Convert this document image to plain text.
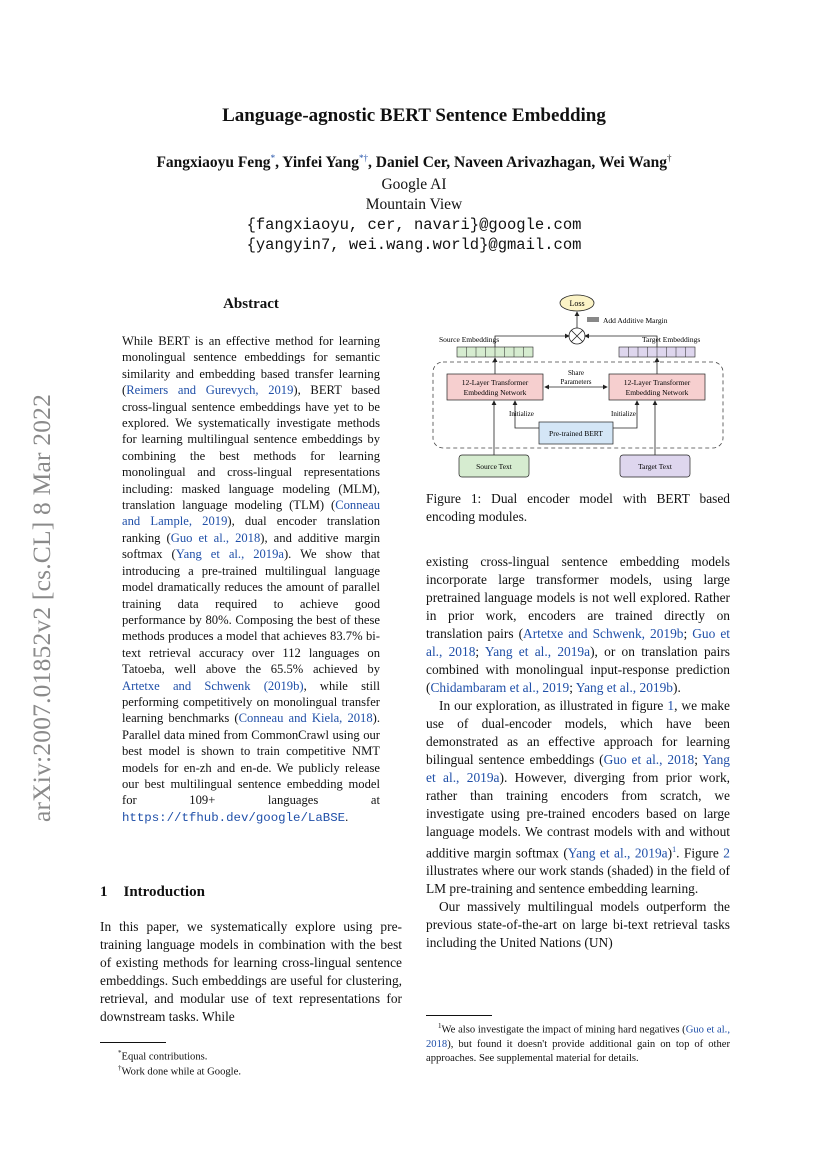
arXiv:2007.01852v2 [cs.CL] 8 Mar 2022
Language-agnostic BERT Sentence Embedding
Fangxiaoyu Feng*, Yinfei Yang*†, Daniel Cer, Naveen Arivazhagan, Wei Wang†
Google AI
Mountain View
{fangxiaoyu, cer, navari}@google.com
{yangyin7, wei.wang.world}@gmail.com
Abstract

While BERT is an effective method for learning monolingual sentence embeddings for semantic similarity and embedding based transfer learning (Reimers and Gurevych, 2019), BERT based cross-lingual sentence embeddings have yet to be explored. We systematically investigate methods for learning multilingual sentence embeddings by combining the best methods for learning monolingual and cross-lingual representations including: masked language modeling (MLM), translation language modeling (TLM) (Conneau and Lample, 2019), dual encoder translation ranking (Guo et al., 2018), and additive margin softmax (Yang et al., 2019a). We show that introducing a pre-trained multilingual language model dramatically reduces the amount of parallel training data required to achieve good performance by 80%. Composing the best of these methods produces a model that achieves 83.7% bi-text retrieval accuracy over 112 languages on Tatoeba, well above the 65.5% achieved by Artetxe and Schwenk (2019b), while still performing competitively on monolingual transfer learning benchmarks (Conneau and Kiela, 2018). Parallel data mined from CommonCrawl using our best model is shown to train competitive NMT models for en-zh and en-de. We publicly release our best multilingual sentence embedding model for 109+ languages at https://tfhub.dev/google/LaBSE.

1 Introduction

In this paper, we systematically explore using pre-training language models in combination with the best of existing methods for learning cross-lingual sentence embeddings. Such embeddings are useful for clustering, retrieval, and modular use of text representations for downstream tasks. While

*Equal contributions.
†Work done while at Google.
Loss
Add Additive Margin
Source Embeddings	Target Embeddings
12-Layer Transformer
Embedding Network
12-Layer Transformer
Embedding Network
Share
Parameters
Pre-trained BERT
Initialize	Initialize
Source Text	Target Text
Figure 1: Dual encoder model with BERT based encoding modules.

existing cross-lingual sentence embedding models incorporate large transformer models, using large pretrained language models is not well explored. Rather in prior work, encoders are trained directly on translation pairs (Artetxe and Schwenk, 2019b; Guo et al., 2018; Yang et al., 2019a), or on translation pairs combined with monolingual input-response prediction (Chidambaram et al., 2019; Yang et al., 2019b).

In our exploration, as illustrated in figure 1, we make use of dual-encoder models, which have been demonstrated as an effective approach for learning bilingual sentence embeddings (Guo et al., 2018; Yang et al., 2019a). However, diverging from prior work, rather than training encoders from scratch, we investigate using pre-trained encoders based on large language models. We contrast models with and without additive margin softmax (Yang et al., 2019a)$^1$. Figure 2 illustrates where our work stands (shaded) in the field of LM pre-training and sentence embedding learning.

Our massively multilingual models outperform the previous state-of-the-art on large bi-text retrieval tasks including the United Nations (UN)

$^1$We also investigate the impact of mining hard negatives (Guo et al., 2018), but found it doesn't provide additional gain on top of other approaches. See supplemental material for details.
